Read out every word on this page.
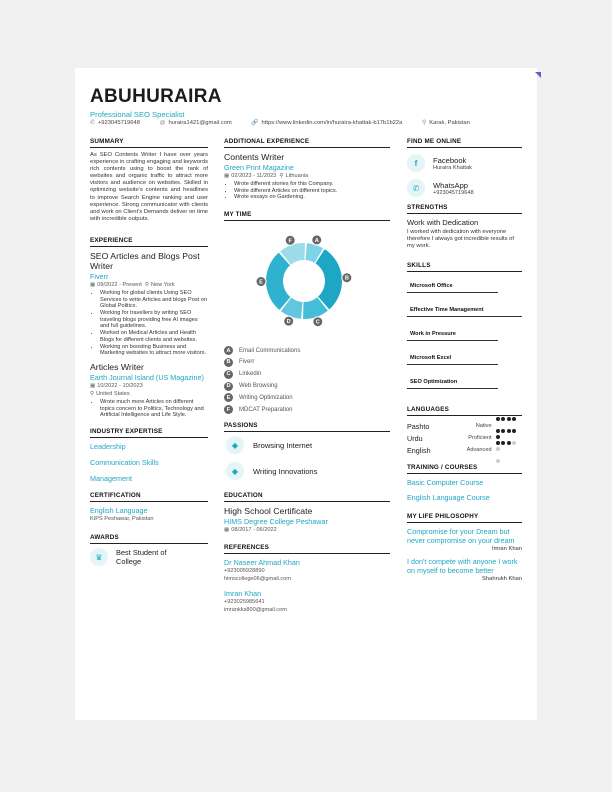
ABUHURAIRA
Professional SEO Specialist
✆ +923045719648	@ huraira1421@gmail.com	🔗 https://www.linkedin.com/in/huraira-khattak-b17b1b22a	⚲ Karak, Pakistan
SUMMARY

As SEO Contents Writer I have over years experience in crafting engaging and keywords rich contents using to boost the rank of websites and organic traffic to attract more visitors and audience on websites. Skilled in optimizing website's contents and headlines to improve Search Engine ranking and user experience. Strong communicator with clients and work on Client's Demands deliver on time with incredible outputs.

EXPERIENCE
SEO Articles and Blogs Post Writer
Fiverr
▦ 09/2022 - Present ⚲ New York
• Working for global clients Using SEO Services to write Articles and blogs Post on Global Politics.
• Working for travellers by writing SEO traveling blogs providing free AI images and full guidelines.
• Worked on Medical Articles and Health Blogs for different clients and websites.
• Working on boosting Business and Marketing websites to attract more visitors.
Articles Writer
Earth Journal Island (US Magazine)
▦ 10/2022 - 10/2023
⚲ United States
• Wrote much more Articles on different topics concern to Politics, Technology and Artificial Intelligence and Life Style.
INDUSTRY EXPERTISE
Leadership
Communication Skills
Management
CERTIFICATION
English Language
KIPS Peshawar, Pakistan
AWARDS
♛	Best Student of College
ADDITIONAL EXPERIENCE
Contents Writer
Green Print Magazine
▦ 02/2023 - 11/2023 ⚲ Lithuania
• Wrote different stories for this Company.
• Wrote different Articles on different topics.
• Wrote essays on Gardening.
MY TIME
A
B
C
D
E
F
A	Email Communications
B	Fiverr
C	Linkedin
D	Web Browsing
E	Writing Optimization
F	MDCAT Preparation
PASSIONS
◆	Browsing Internet
◆	Writing Innovations
EDUCATION
High School Certificate
HIMS Degree College Peshawar
▦ 08/2017 - 06/2022
REFERENCES
Dr Naseer Ahmad Khan
+923005928890
himscollege06@gmail.com
Imran Khan
+923025985641
imrankks800@gmail.com
FIND ME ONLINE
f	Facebook
Huraira Khattak
✆	WhatsApp
+923045719648
STRENGTHS
Work with Dedication

I worked with dedication with everyone therefore I always got incredible results of my work.

SKILLS
Microsoft Office
Effective Time Management
Work in Pressure
Microsoft Excel
SEO Optimization
LANGUAGES
Pashto	Native
Urdu	Proficient
English	Advanced
TRAINING / COURSES
Basic Computer Course
English Language Course
MY LIFE PHILOSOPHY
Compromise for your Dream but never compromise on your dream
Imran Khan
I don't compete with anyone I work on myself to become better
Shahrukh Khan
